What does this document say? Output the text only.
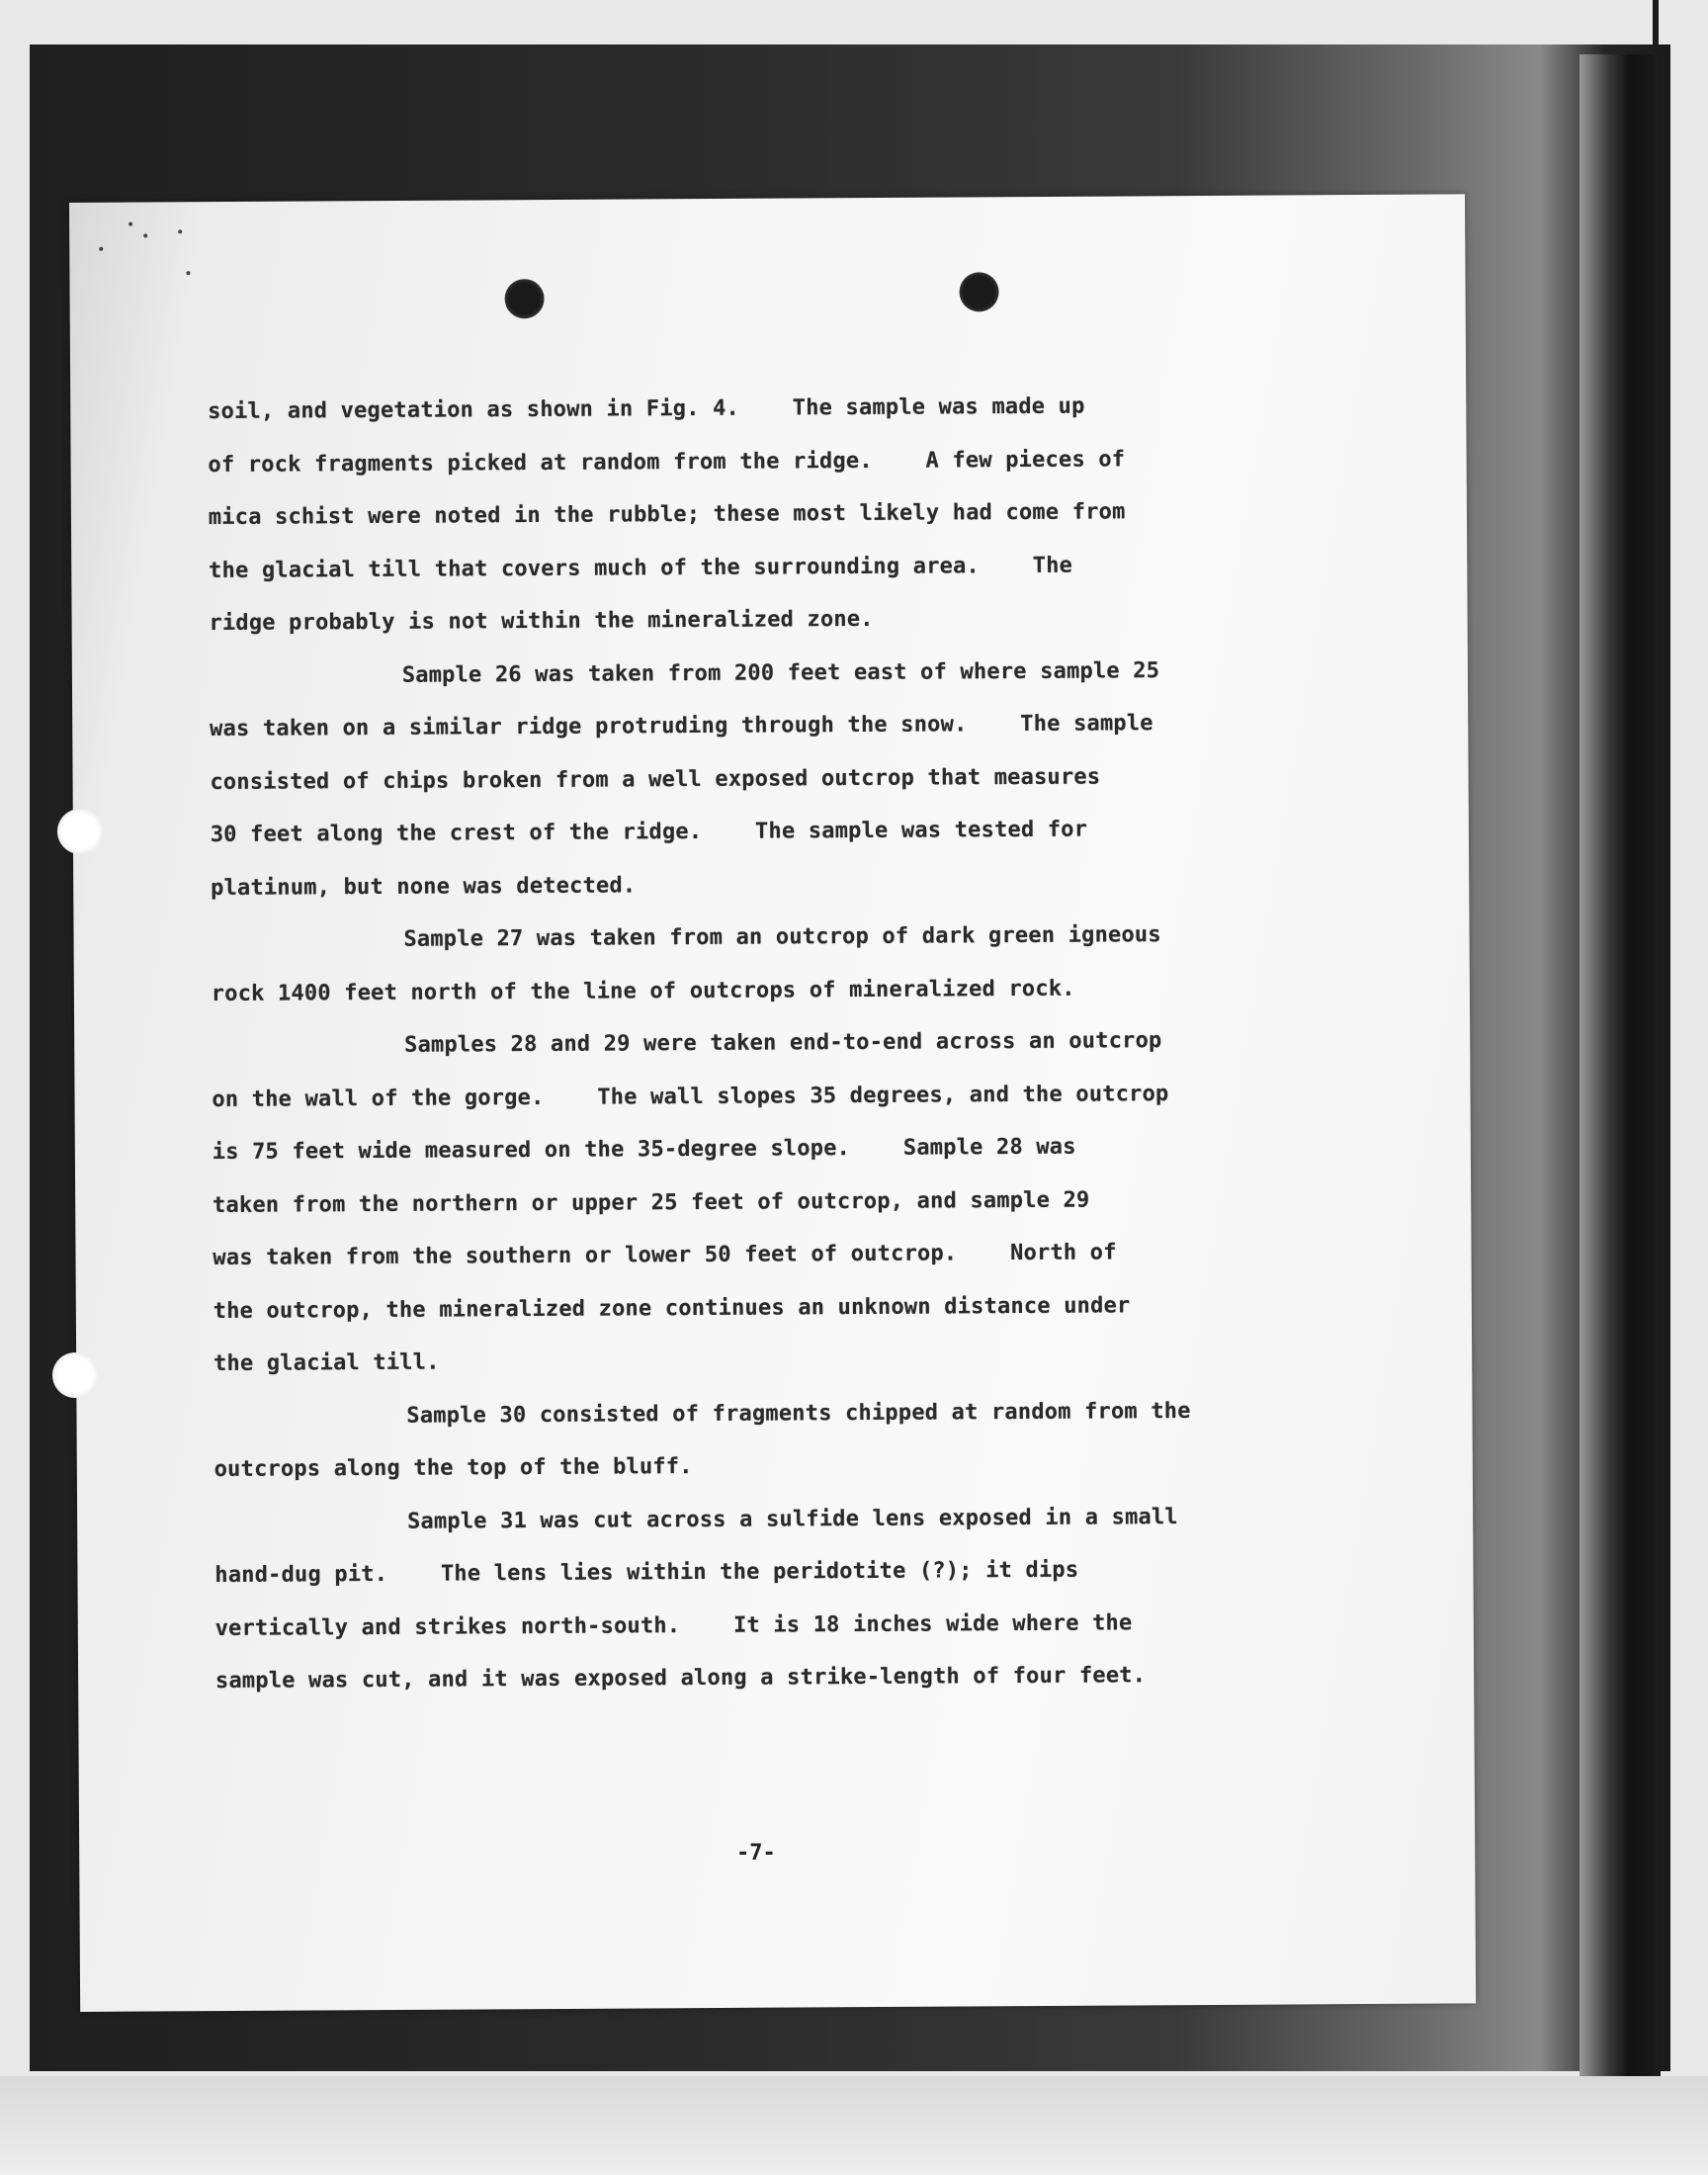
soil, and vegetation as shown in Fig. 4.    The sample was made up
of rock fragments picked at random from the ridge.    A few pieces of
mica schist were noted in the rubble; these most likely had come from
the glacial till that covers much of the surrounding area.    The
ridge probably is not within the mineralized zone.
Sample 26 was taken from 200 feet east of where sample 25
was taken on a similar ridge protruding through the snow.    The sample
consisted of chips broken from a well exposed outcrop that measures
30 feet along the crest of the ridge.    The sample was tested for
platinum, but none was detected.
Sample 27 was taken from an outcrop of dark green igneous
rock 1400 feet north of the line of outcrops of mineralized rock.
Samples 28 and 29 were taken end-to-end across an outcrop
on the wall of the gorge.    The wall slopes 35 degrees, and the outcrop
is 75 feet wide measured on the 35-degree slope.    Sample 28 was
taken from the northern or upper 25 feet of outcrop, and sample 29
was taken from the southern or lower 50 feet of outcrop.    North of
the outcrop, the mineralized zone continues an unknown distance under
the glacial till.
Sample 30 consisted of fragments chipped at random from the
outcrops along the top of the bluff.
Sample 31 was cut across a sulfide lens exposed in a small
hand-dug pit.    The lens lies within the peridotite (?); it dips
vertically and strikes north-south.    It is 18 inches wide where the
sample was cut, and it was exposed along a strike-length of four feet.
-7-
